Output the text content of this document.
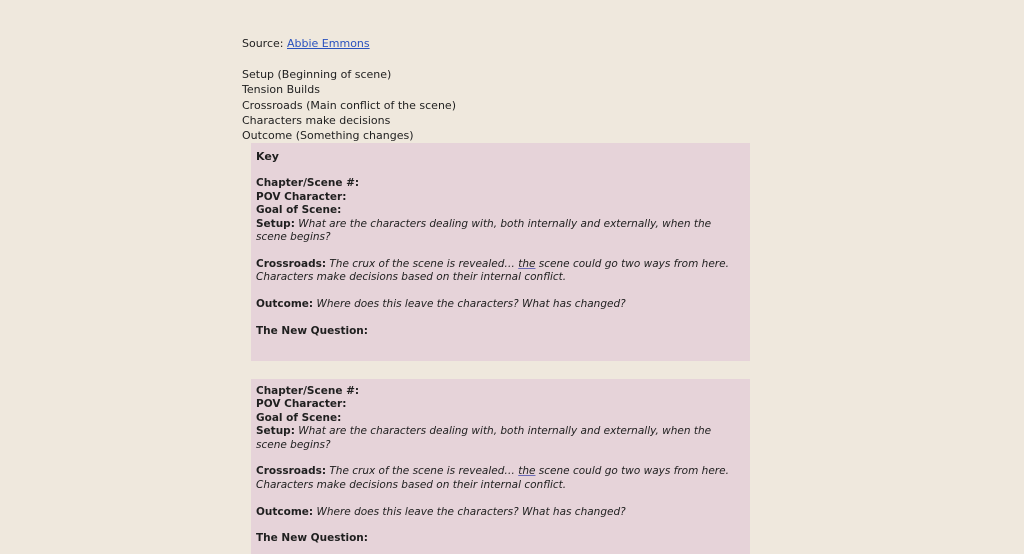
Source: Abbie Emmons

Setup (Beginning of scene)
Tension Builds
Crossroads (Main conflict of the scene)
Characters make decisions
Outcome (Something changes)

Key

Chapter/Scene #:

POV Character:

Goal of Scene:

Setup: What are the characters dealing with, both internally and externally, when the scene begins?

Crossroads: The crux of the scene is revealed… the scene could go two ways from here. Characters make decisions based on their internal conflict.

Outcome: Where does this leave the characters? What has changed?

The New Question:

Chapter/Scene #:

POV Character:

Goal of Scene:

Setup: What are the characters dealing with, both internally and externally, when the scene begins?

Crossroads: The crux of the scene is revealed… the scene could go two ways from here. Characters make decisions based on their internal conflict.

Outcome: Where does this leave the characters? What has changed?

The New Question:
